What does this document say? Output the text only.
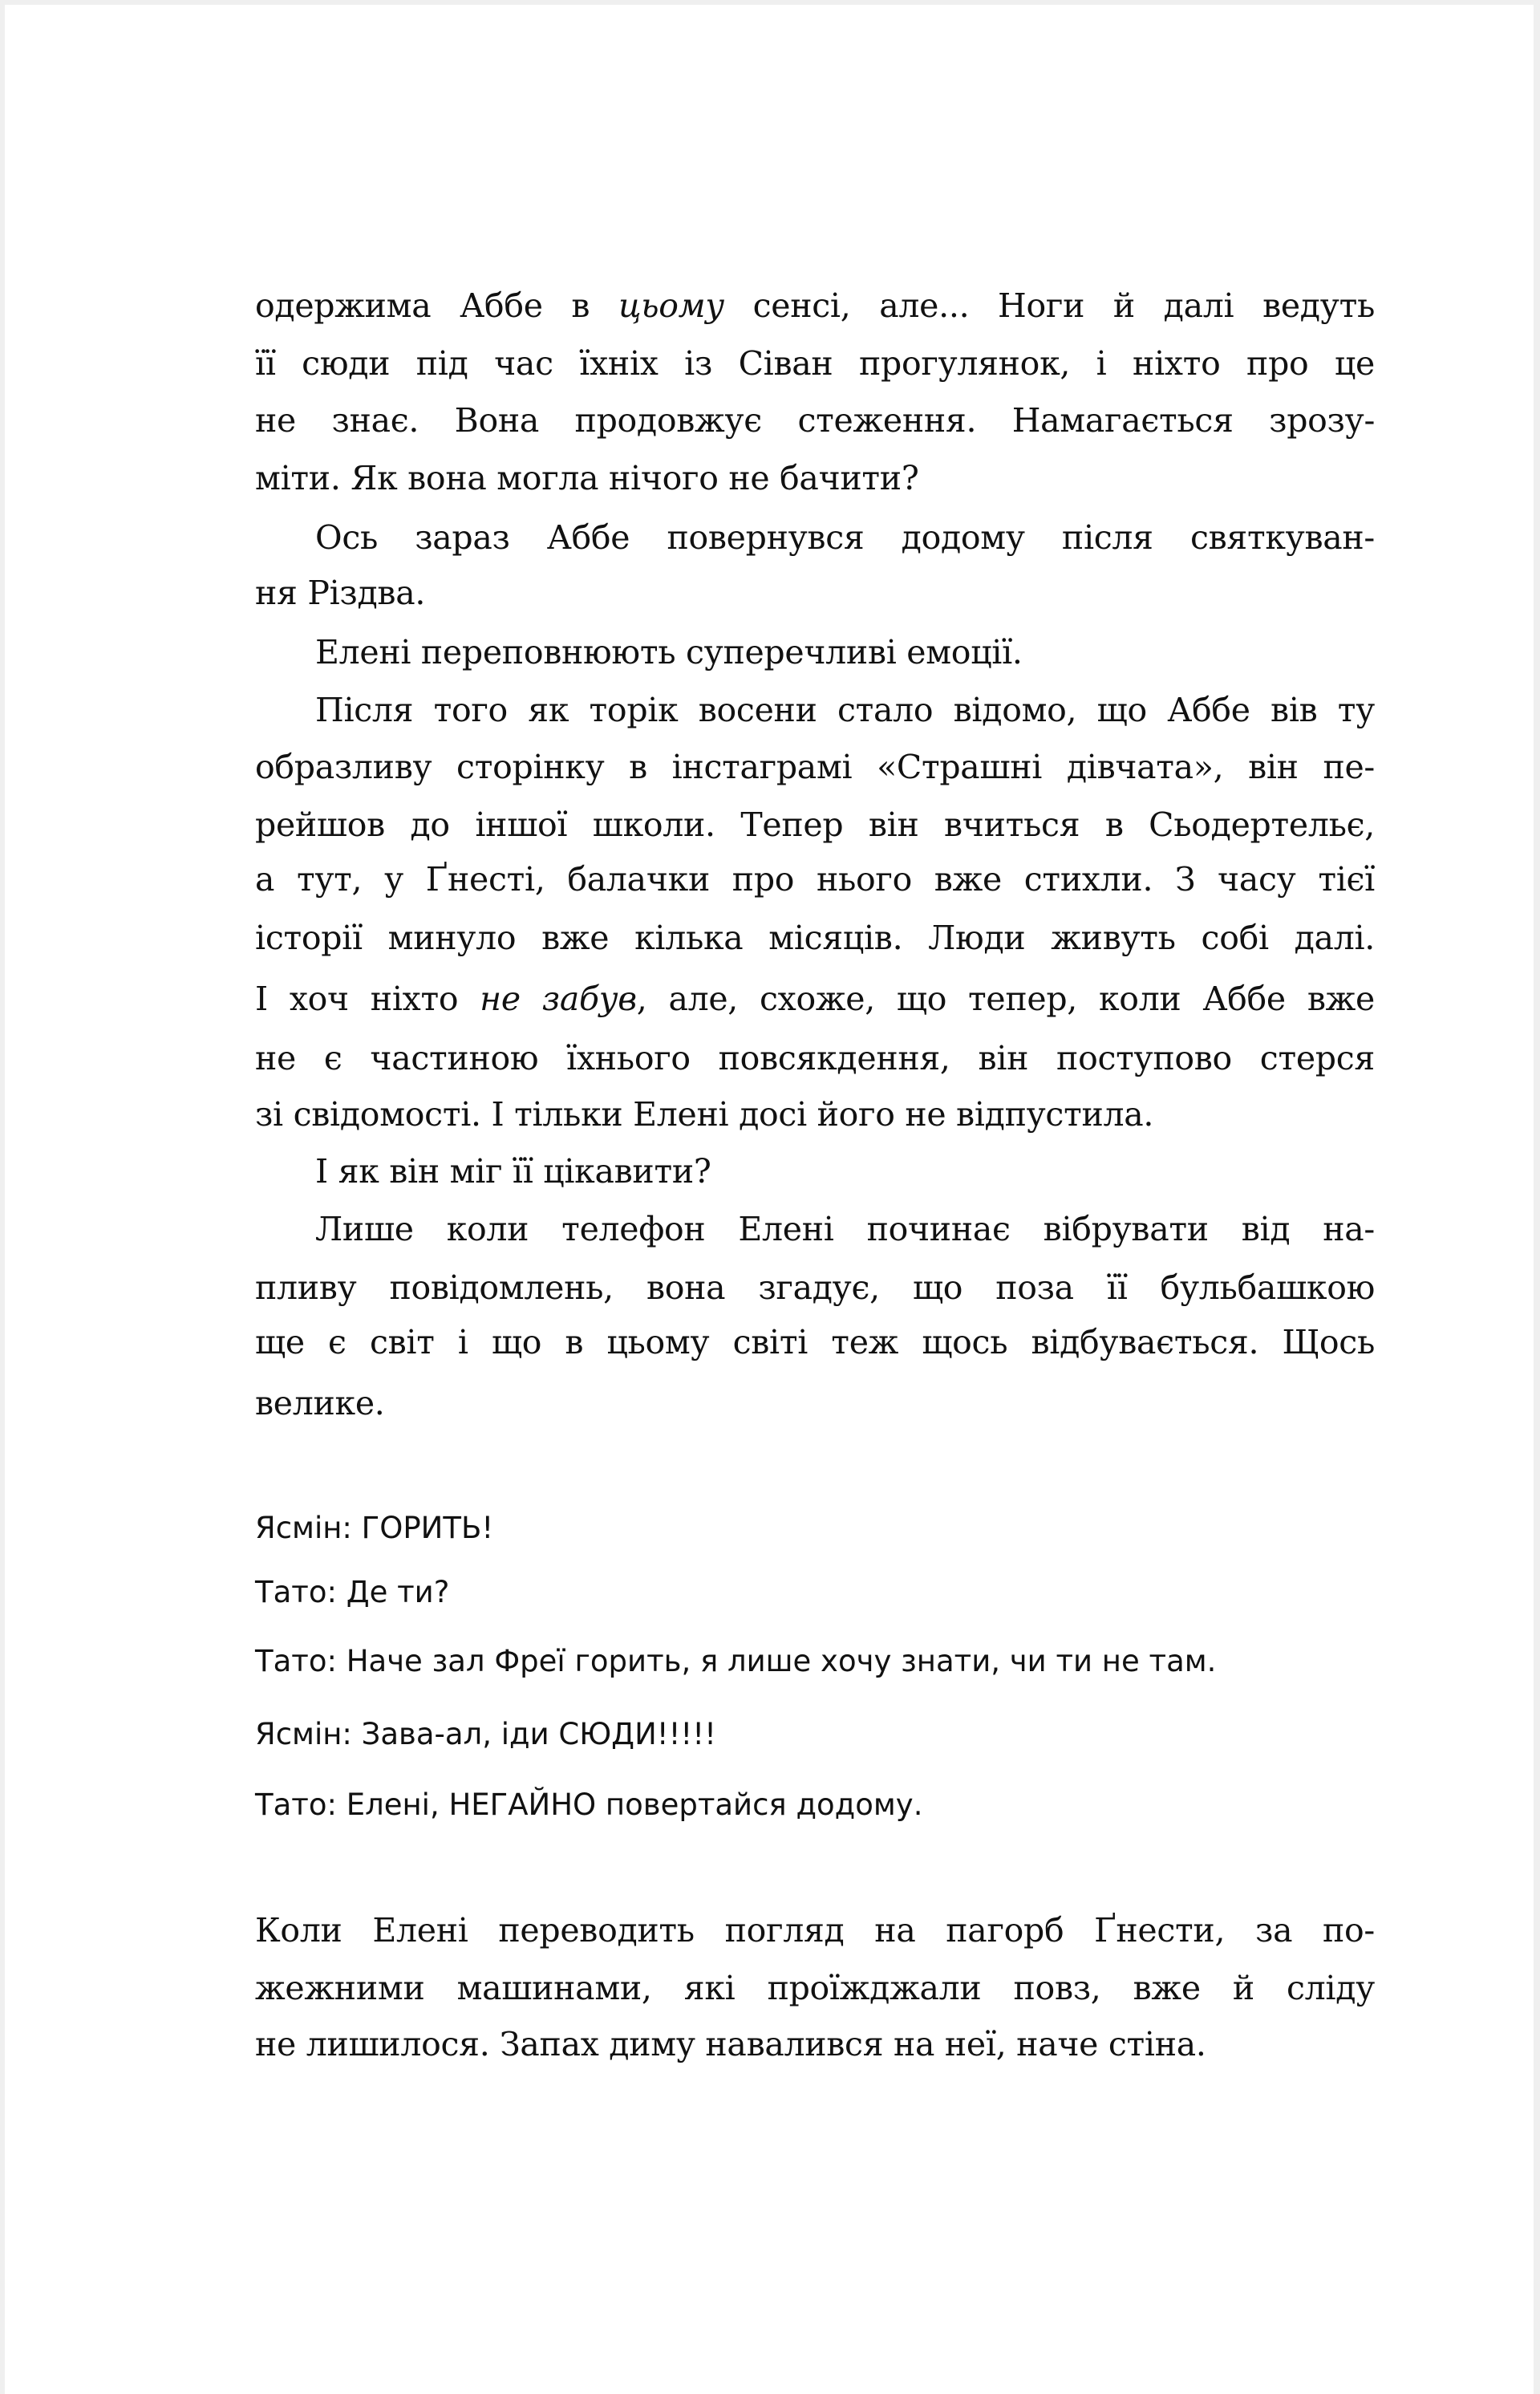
одержима Аббе в цьому сенсі, але... Ноги й далі ведуть
її сюди під час їхніх із Сіван прогулянок, і ніхто про це
не знає. Вона продовжує стеження. Намагається зрозу-
міти. Як вона могла нічого не бачити?
Ось зараз Аббе повернувся додому після святкуван-
ня Різдва.
Елені переповнюють суперечливі емоції.
Після того як торік восени стало відомо, що Аббе вів ту
образливу сторінку в інстаграмі «Страшні дівчата», він пе-
рейшов до іншої школи. Тепер він вчиться в Сьодертельє,
а тут, у Ґнесті, балачки про нього вже стихли. З часу тієї
історії минуло вже кілька місяців. Люди живуть собі далі.
І хоч ніхто не забув, але, схоже, що тепер, коли Аббе вже
не є частиною їхнього повсякдення, він поступово стерся
зі свідомості. І тільки Елені досі його не відпустила.
І як він міг її цікавити?
Лише коли телефон Елені починає вібрувати від на-
пливу повідомлень, вона згадує, що поза її бульбашкою
ще є світ і що в цьому світі теж щось відбувається. Щось
велике.
Ясмін: ГОРИТЬ!
Тато: Де ти?
Тато: Наче зал Фреї горить, я лише хочу знати, чи ти не там.
Ясмін: Зава-ал, іди СЮДИ!!!!!
Тато: Елені, НЕГАЙНО повертайся додому.
Коли Елені переводить погляд на пагорб Ґнести, за по-
жежними машинами, які проїжджали повз, вже й сліду
не лишилося. Запах диму навалився на неї, наче стіна.
